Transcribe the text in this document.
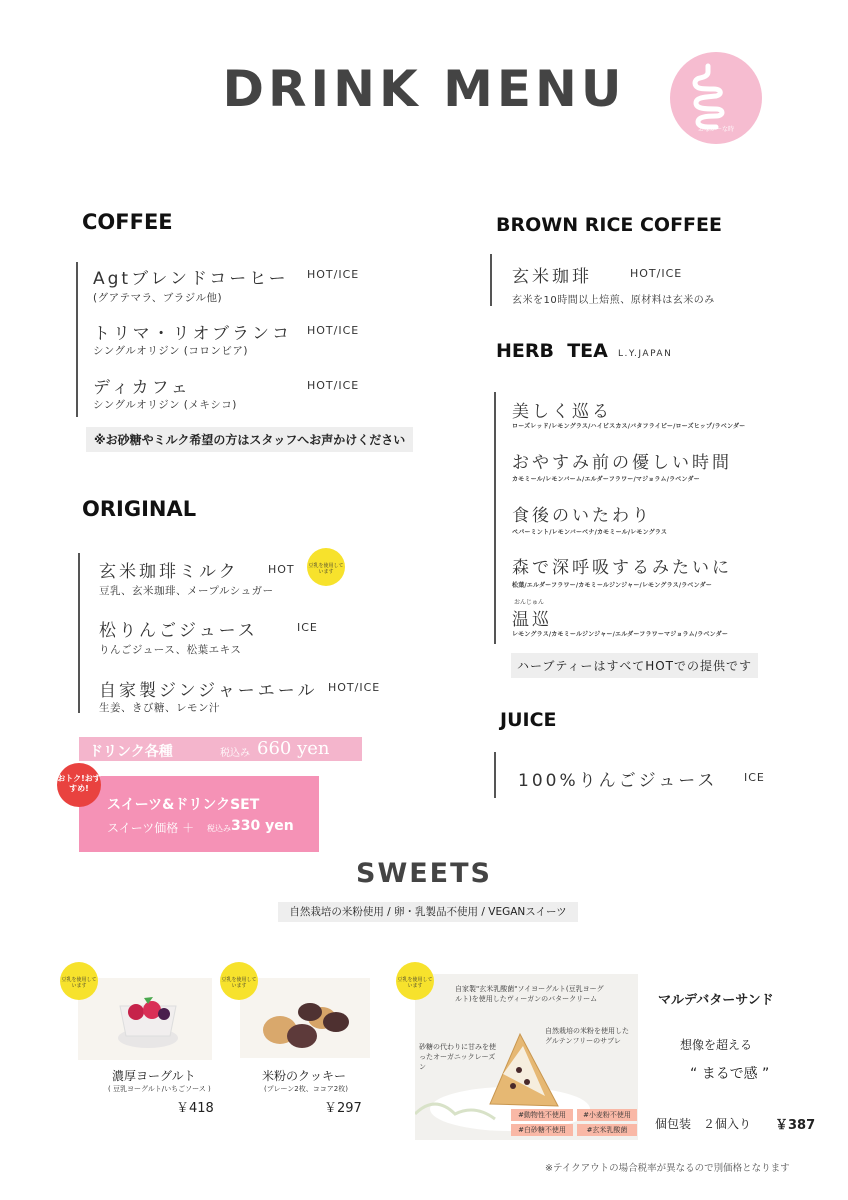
DRINK MENU
おなかーな時
COFFEE
Agtブレンドコーヒー HOT/ICE
(グアテマラ、ブラジル他)
トリマ・リオブランコ HOT/ICE
シングルオリジン (コロンビア)
ディカフェ	HOT/ICE
シングルオリジン (メキシコ)
※お砂糖やミルク希望の方はスタッフへお声かけください
ORIGINAL
玄米珈琲ミルク	HOT
豆乳、玄米珈琲、メープルシュガー
豆乳を使用しています
松りんごジュース	ICE
りんごジュース、松葉エキス
自家製ジンジャーエール HOT/ICE
生姜、きび糖、レモン汁
ドリンク各種	税込み 660 yen
スイーツ&ドリンクSET
スイーツ価格 ＋ 税込み 330 yen
おトク!おすすめ!
BROWN RICE COFFEE
玄米珈琲	HOT/ICE
玄米を10時間以上焙煎、原材料は玄米のみ
HERB  TEA L.Y.JAPAN
美しく巡る
ローズレッド/レモングラス/ハイビスカス/バタフライピー/ローズヒップ/ラベンダー
おやすみ前の優しい時間
カモミール/レモンバーム/エルダーフラワー/マジョラム/ラベンダー
食後のいたわり
ペパーミント/レモンバーベナ/カモミール/レモングラス
森で深呼吸するみたいに
松葉/エルダーフラワー/カモミールジンジャー/レモングラス/ラベンダー
おんじゅん
温巡
レモングラス/カモミールジンジャー/エルダーフラワーマジョラム/ラベンダー
ハーブティーはすべてHOTでの提供です
JUICE
100%りんごジュース ICE
SWEETS
自然栽培の米粉使用 / 卵・乳製品不使用 / VEGANスイーツ
豆乳を使用しています
濃厚ヨーグルト
( 豆乳ヨーグルト/いちごソース )
￥418
豆乳を使用しています
米粉のクッキー
(プレーン2枚、ココア2枚)
￥297
自家製"玄米乳酸菌"ソイヨーグルト(豆乳ヨーグルト)を使用したヴィーガンのバタークリーム
自然栽培の米粉を使用したグルテンフリーのサブレ
砂糖の代わりに甘みを使ったオーガニックレーズン
#動物性不使用	#小麦粉不使用
#白砂糖不使用	#玄米乳酸菌
豆乳を使用しています
マルデバターサンド
想像を超える
“ まるで感 ”
個包装　２個入り ￥387
※テイクアウトの場合税率が異なるので別価格となります
